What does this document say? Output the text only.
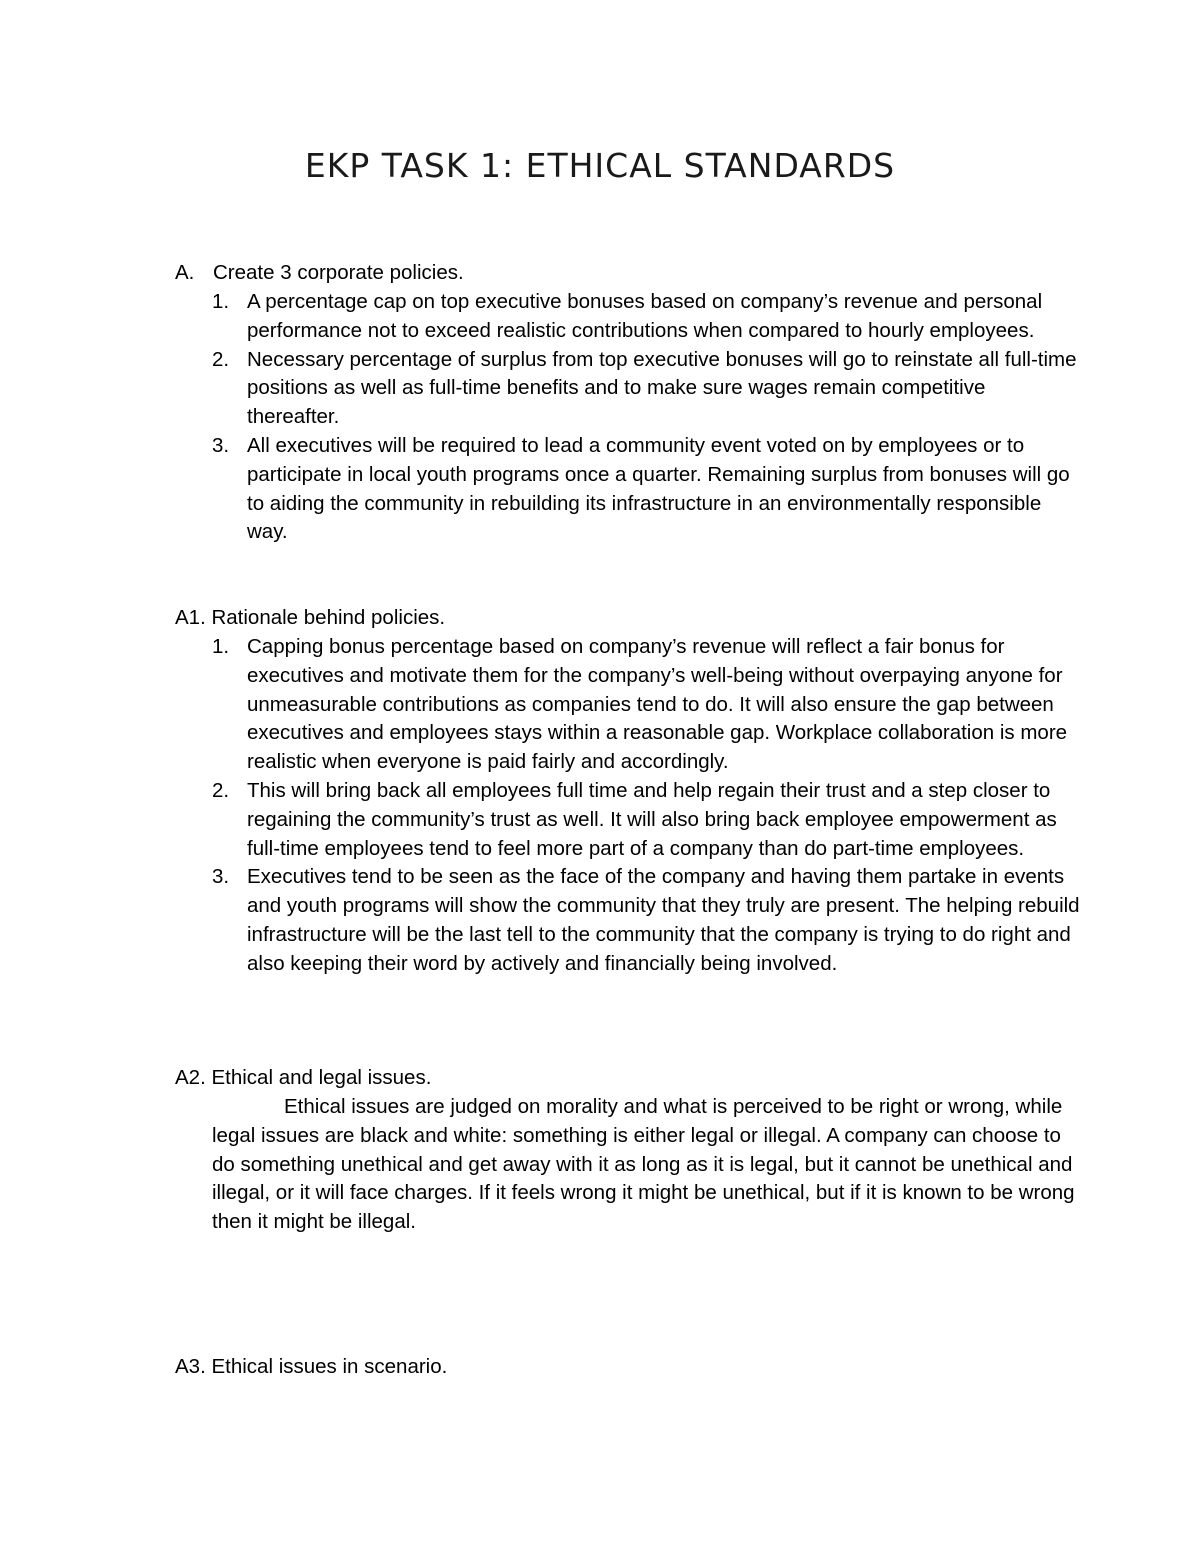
EKP TASK 1: ETHICAL STANDARDS
A. Create 3 corporate policies.
1. A percentage cap on top executive bonuses based on company’s revenue and personal performance not to exceed realistic contributions when compared to hourly employees.
2. Necessary percentage of surplus from top executive bonuses will go to reinstate all full-time positions as well as full-time benefits and to make sure wages remain competitive thereafter.
3. All executives will be required to lead a community event voted on by employees or to participate in local youth programs once a quarter. Remaining surplus from bonuses will go to aiding the community in rebuilding its infrastructure in an environmentally responsible way.
A1. Rationale behind policies.
1. Capping bonus percentage based on company’s revenue will reflect a fair bonus for executives and motivate them for the company’s well-being without overpaying anyone for unmeasurable contributions as companies tend to do. It will also ensure the gap between executives and employees stays within a reasonable gap. Workplace collaboration is more realistic when everyone is paid fairly and accordingly.
2. This will bring back all employees full time and help regain their trust and a step closer to regaining the community’s trust as well. It will also bring back employee empowerment as full-time employees tend to feel more part of a company than do part-time employees.
3. Executives tend to be seen as the face of the company and having them partake in events and youth programs will show the community that they truly are present. The helping rebuild infrastructure will be the last tell to the community that the company is trying to do right and also keeping their word by actively and financially being involved.
A2. Ethical and legal issues.

Ethical issues are judged on morality and what is perceived to be right or wrong, while legal issues are black and white: something is either legal or illegal. A company can choose to do something unethical and get away with it as long as it is legal, but it cannot be unethical and illegal, or it will face charges. If it feels wrong it might be unethical, but if it is known to be wrong then it might be illegal.

A3. Ethical issues in scenario.
